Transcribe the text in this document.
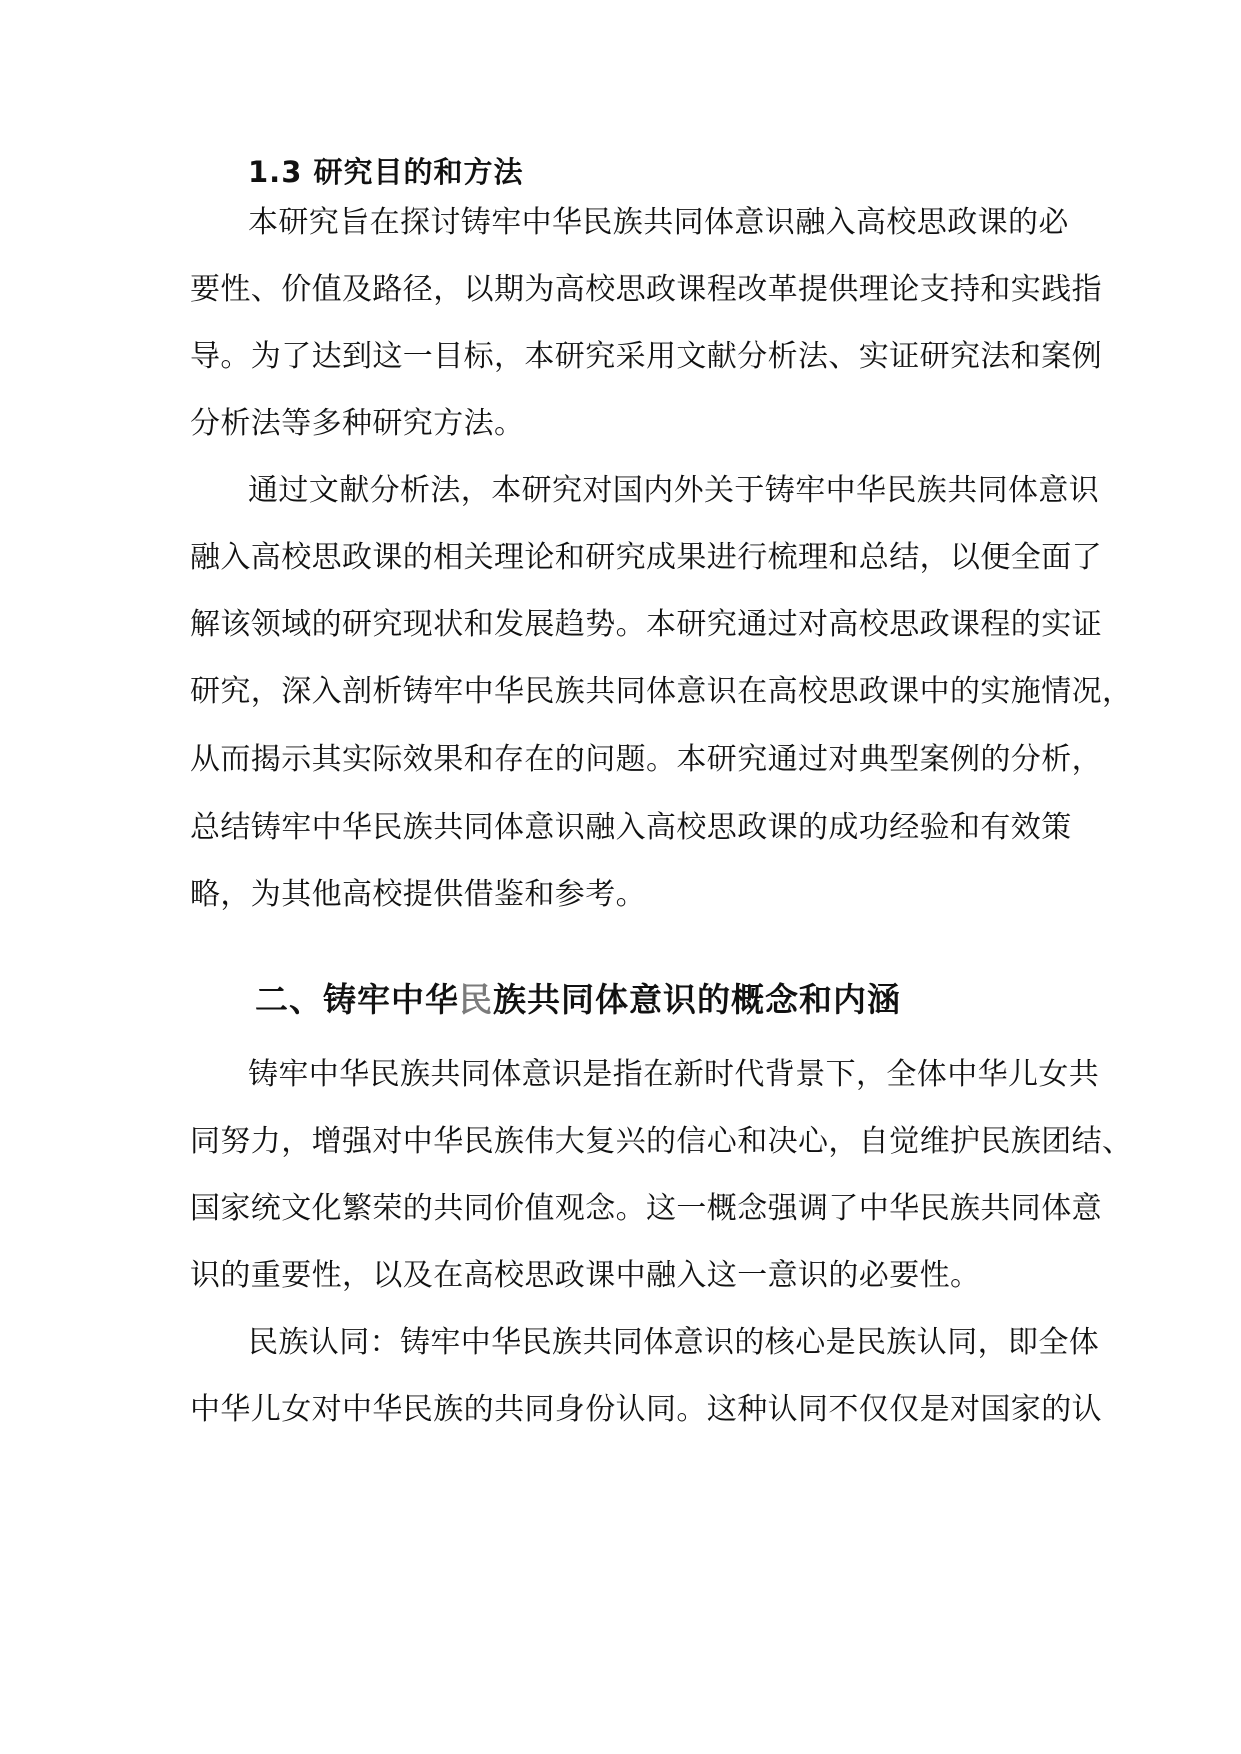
1.3 研究目的和方法
本研究旨在探讨铸牢中华民族共同体意识融入高校思政课的必
要性、价值及路径，以期为高校思政课程改革提供理论支持和实践指
导。为了达到这一目标，本研究采用文献分析法、实证研究法和案例
分析法等多种研究方法。
通过文献分析法，本研究对国内外关于铸牢中华民族共同体意识
融入高校思政课的相关理论和研究成果进行梳理和总结，以便全面了
解该领域的研究现状和发展趋势。本研究通过对高校思政课程的实证
研究，深入剖析铸牢中华民族共同体意识在高校思政课中的实施情况，
从而揭示其实际效果和存在的问题。本研究通过对典型案例的分析，
总结铸牢中华民族共同体意识融入高校思政课的成功经验和有效策
略，为其他高校提供借鉴和参考。
二、铸牢中华民族共同体意识的概念和内涵
铸牢中华民族共同体意识是指在新时代背景下，全体中华儿女共
同努力，增强对中华民族伟大复兴的信心和决心，自觉维护民族团结、
国家统文化繁荣的共同价值观念。这一概念强调了中华民族共同体意
识的重要性，以及在高校思政课中融入这一意识的必要性。
民族认同：铸牢中华民族共同体意识的核心是民族认同，即全体
中华儿女对中华民族的共同身份认同。这种认同不仅仅是对国家的认
